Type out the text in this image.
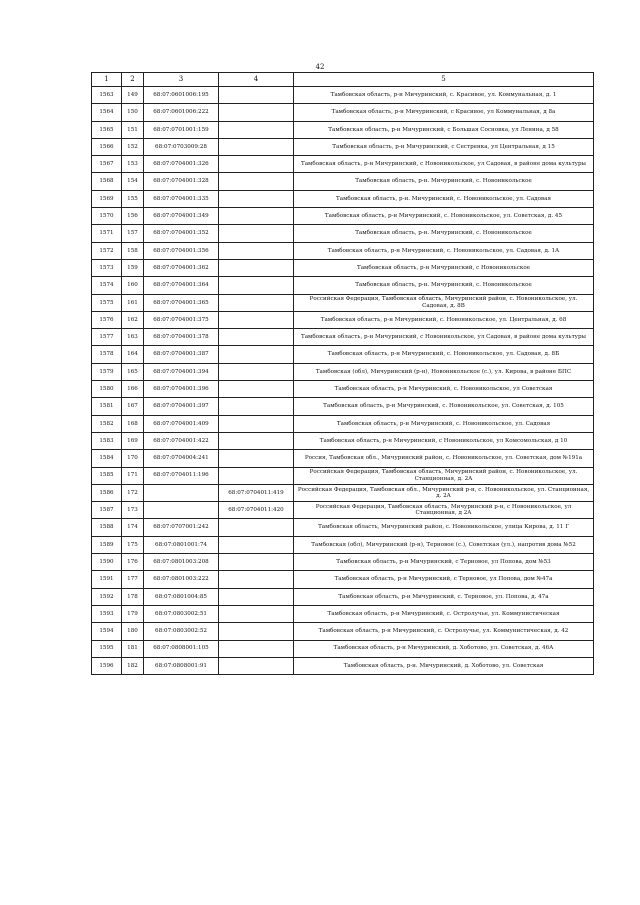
42
1	2	3	4	5
1563	149	68:07:0601006:195		Тамбовская область, р-н Мичуринский, с. Красивое, ул. Коммунальная, д. 1
1564	150	68:07:0601006:222		Тамбовская область, р-н Мичуринский, с Красивое, ул Коммунальная, д 8а
1565	151	68:07:0701001:159		Тамбовская область, р-н Мичуринский, с Большая Сосновка, ул Ленина, д 58
1566	152	68:07:0703009:28		Тамбовская область, р-н Мичуринский, с Сестренка, ул Центральная, д 15
1567	153	68:07:0704001:326		Тамбовская область, р-н Мичуринский, с Новоникольское, ул Садовая, в районе дома культуры
1568	154	68:07:0704001:328		Тамбовская область, р-н. Мичуринский, с. Новоникольское
1569	155	68:07:0704001:335		Тамбовская область, р-н. Мичуринский, с. Новоникольское, ул. Садовая
1570	156	68:07:0704001:349		Тамбовская область, р-н Мичуринский, с. Новоникольское, ул. Советская, д. 45
1571	157	68:07:0704001:352		Тамбовская область, р-н. Мичуринский, с. Новоникольское
1572	158	68:07:0704001:356		Тамбовская область, р-н Мичуринский, с. Новоникольское, ул. Садовая, д. 1А
1573	159	68:07:0704001:362		Тамбовская область, р-н Мичуринский, с Новоникольское
1574	160	68:07:0704001:364		Тамбовская область, р-н. Мичуринский, с. Новоникольское
1575	161	68:07:0704001:365		Российская Федерация, Тамбовская область, Мичуринский район, с. Новоникольское, ул. Садовая, д. 8В
1576	162	68:07:0704001:375		Тамбовская область, р-н Мичуринский, с. Новоникольское, ул. Центральная, д. 68
1577	163	68:07:0704001:378		Тамбовская область, р-н Мичуринский, с Новоникольское, ул Садовая, в районе дома культуры
1578	164	68:07:0704001:387		Тамбовская область, р-н Мичуринский, с. Новоникольское, ул. Садовая, д. 8Б
1579	165	68:07:0704001:394		Тамбовская (обл), Мичуринский (р-н), Новоникольское (с.), ул. Кирова, в районе БПС
1580	166	68:07:0704001:396		Тамбовская область, р-н Мичуринский, с. Новоникольское, ул Советская
1581	167	68:07:0704001:397		Тамбовская область, р-н Мичуринский, с. Новоникольское, ул. Советская, д. 105
1582	168	68:07:0704001:409		Тамбовская область, р-н Мичуринский, с. Новоникольское, ул. Садовая
1583	169	68:07:0704001:422		Тамбовская область, р-н Мичуринский, с Новоникольское, ул Комсомольская, д 10
1584	170	68:07:0704004:241		Россия, Тамбовская обл., Мичуринский район, с. Новоникольское, ул. Советская, дом №191а
1585	171	68:07:0704011:196		Российская Федерация, Тамбовская область, Мичуринский район, с. Новоникольское, ул. Станционная, д. 2А
1586	172		68:07:0704011:419	Российская Федерация, Тамбовская обл., Мичуринский р-н, с. Новоникольское, ул. Станционная, д. 2А
1587	173		68:07:0704011:420	Российская Федерация, Тамбовская область, Мичуринский р-н, с Новоникольское, ул Станционная, д 2А
1588	174	68:07:0707001:242		Тамбовская область, Мичуринский район, с. Новоникольское, улица Кирова, д. 11 Г
1589	175	68:07:0801001:74		Тамбовская (обл), Мичуринский (р-н), Терновое (с.), Советская (ул.), напротив дома №52
1590	176	68:07:0801003:208		Тамбовская область, р-н Мичуринский, с Терновое, ул Попова, дом №53
1591	177	68:07:0801003:222		Тамбовская область, р-н Мичуринский, с Терновое, ул Попова, дом №47а
1592	178	68:07:0801004:85		Тамбовская область, р-н Мичуринский, с. Терновое, ул. Попова, д. 47а
1593	179	68:07:0803002:51		Тамбовская область, р-н Мичуринский, с. Остролучье, ул. Коммунистическая
1594	180	68:07:0803002:52		Тамбовская область, р-н Мичуринский, с. Остролучье, ул. Коммунистическая, д. 42
1595	181	68:07:0808001:105		Тамбовская область, р-н Мичуринский, д. Хоботово, ул. Советская, д. 46А
1596	182	68:07:0808001:91		Тамбовская область, р-н. Мичуринский, д. Хоботово, ул. Советская
